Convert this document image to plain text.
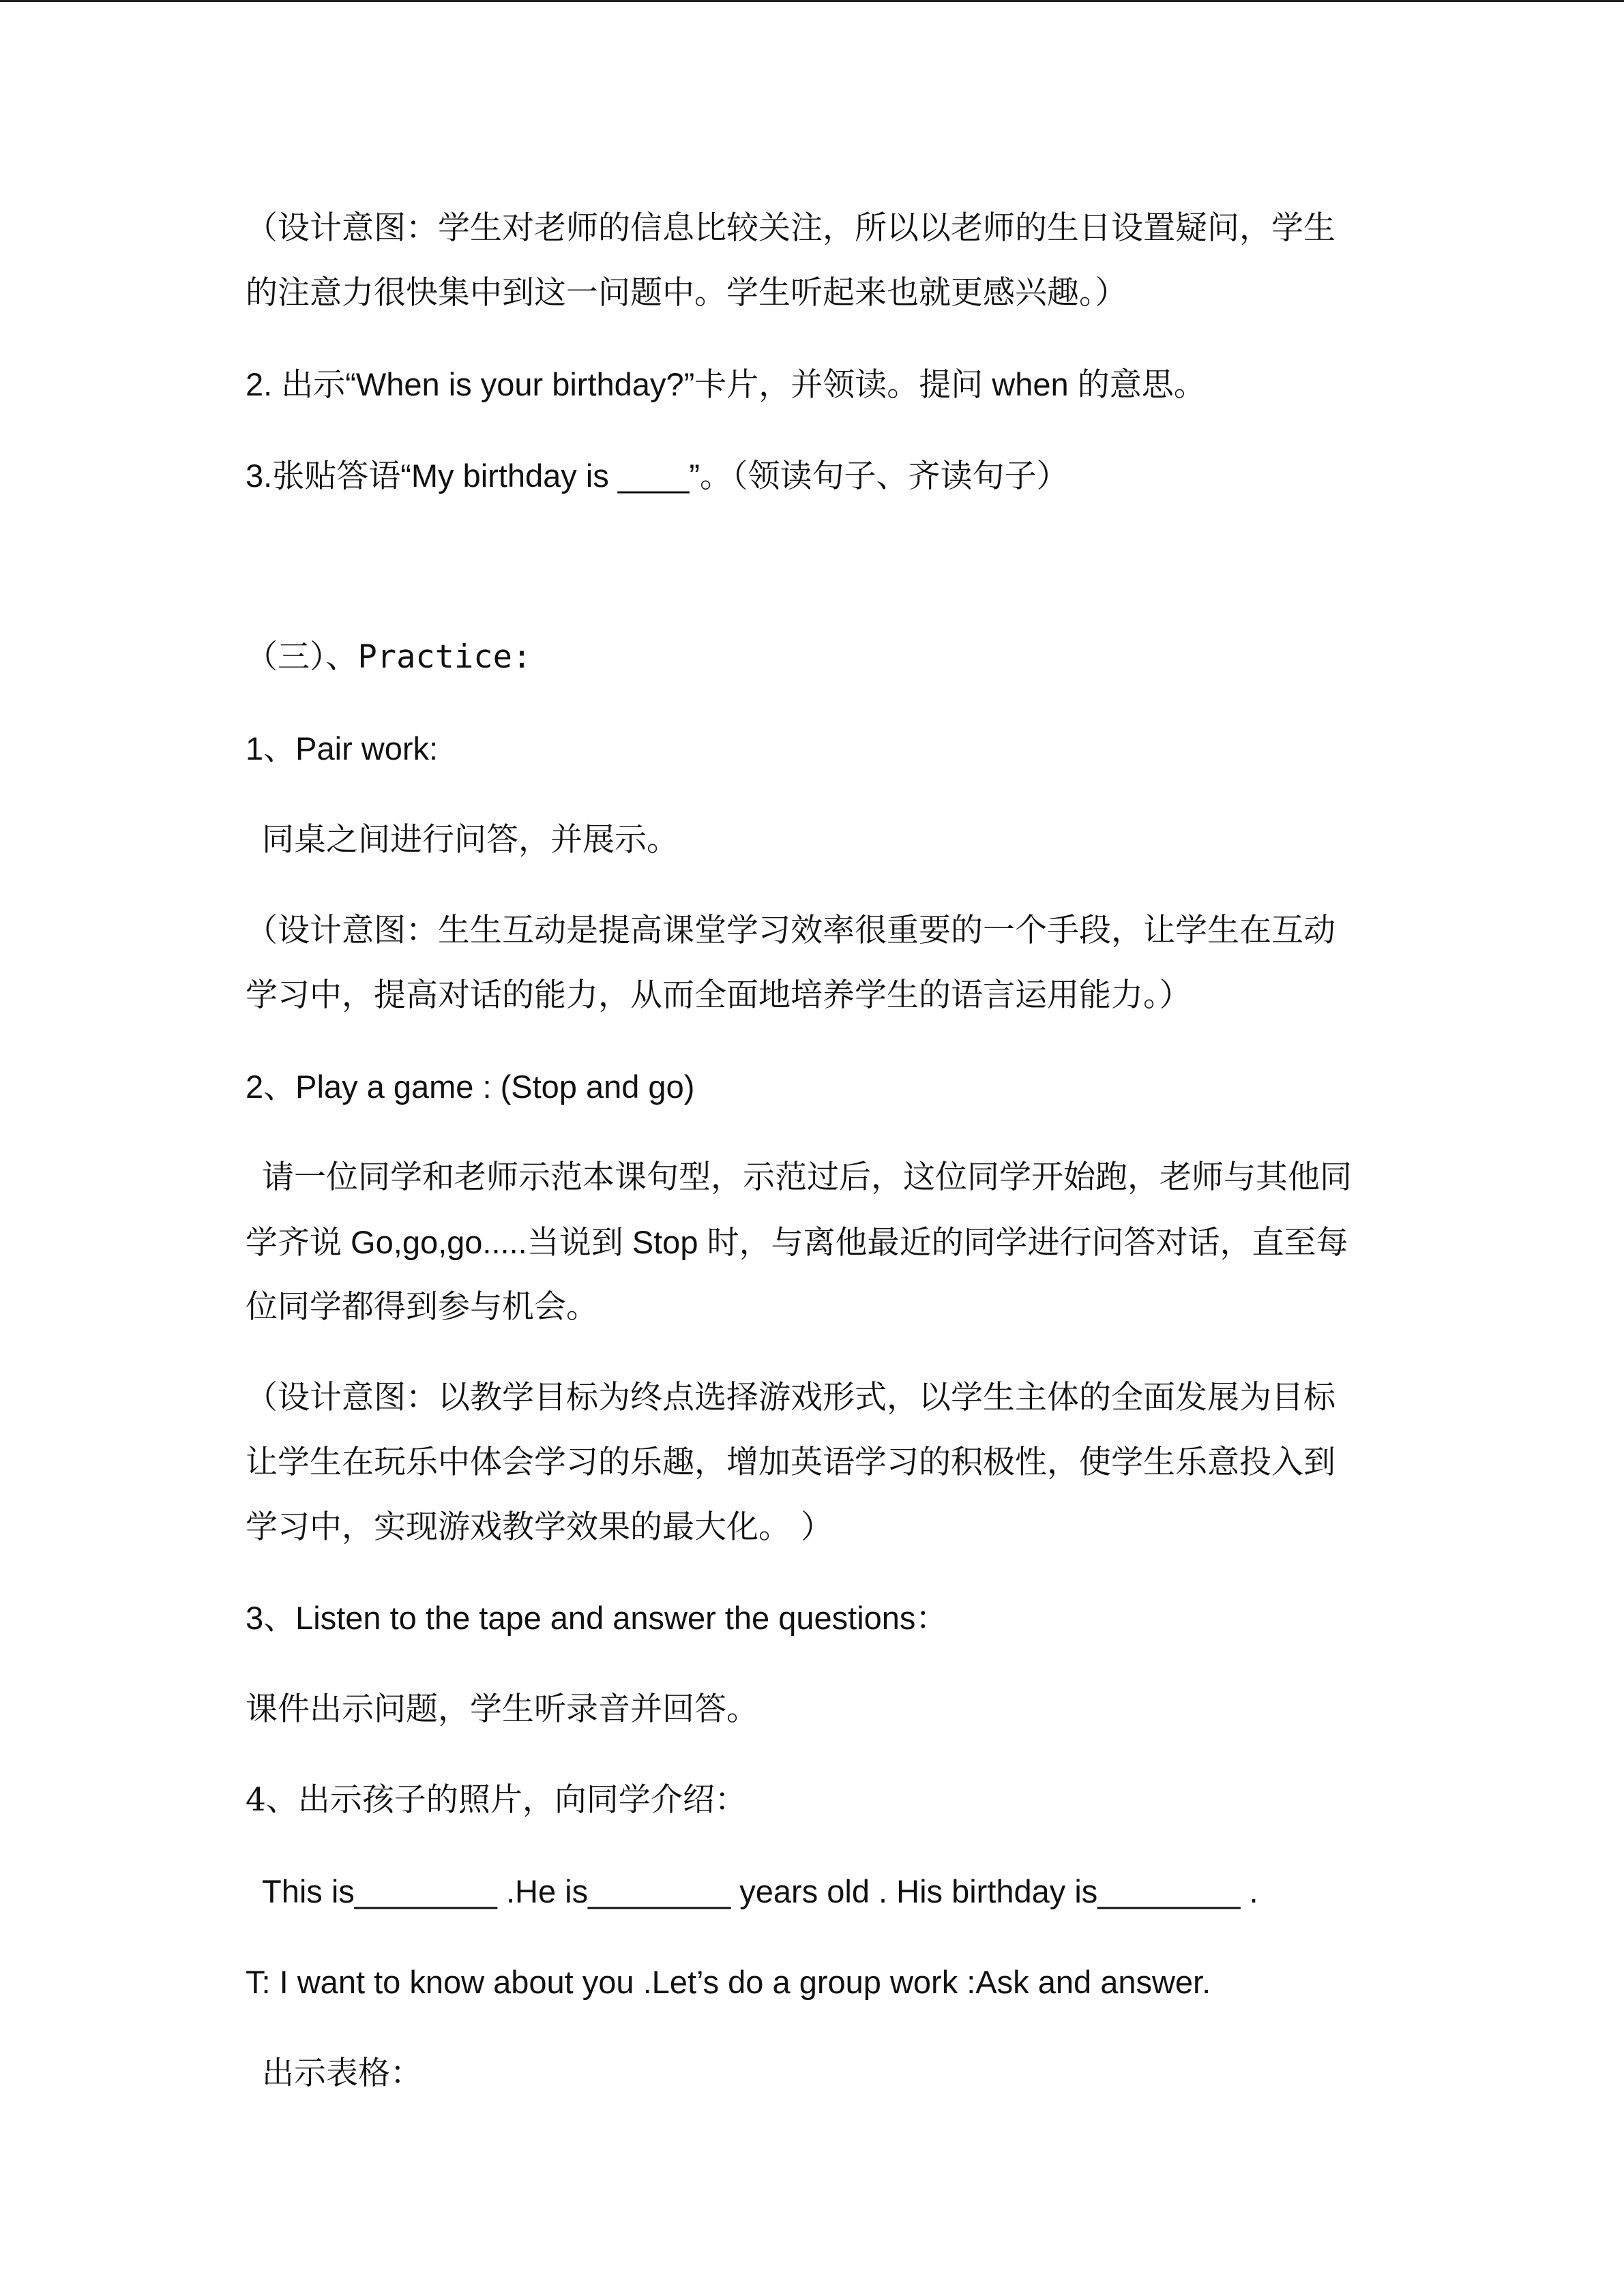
（设计意图：学生对老师的信息比较关注，所以以老师的生日设置疑问，学生
的注意力很快集中到这一问题中。学生听起来也就更感兴趣。）
2. 出示“When is your birthday?”卡片，并领读。提问 when 的意思。
3.张贴答语“My birthday is ____”。（领读句子、齐读句子）
（三）、Practice:
1、Pair work:
同桌之间进行问答，并展示。
（设计意图：生生互动是提高课堂学习效率很重要的一个手段，让学生在互动
学习中，提高对话的能力，从而全面地培养学生的语言运用能力。）
2、Play a game : (Stop and go)
请一位同学和老师示范本课句型，示范过后，这位同学开始跑，老师与其他同
学齐说 Go,go,go.....当说到 Stop 时，与离他最近的同学进行问答对话，直至每
位同学都得到参与机会。
（设计意图：以教学目标为终点选择游戏形式，以学生主体的全面发展为目标
让学生在玩乐中体会学习的乐趣，增加英语学习的积极性，使学生乐意投入到
学习中，实现游戏教学效果的最大化。 ）
3、Listen to the tape and answer the questions：
课件出示问题，学生听录音并回答。
4、出示孩子的照片，向同学介绍：
This is________ .He is________ years old . His birthday is________ .
T: I want to know about you .Let’s do a group work :Ask and answer.
出示表格：
